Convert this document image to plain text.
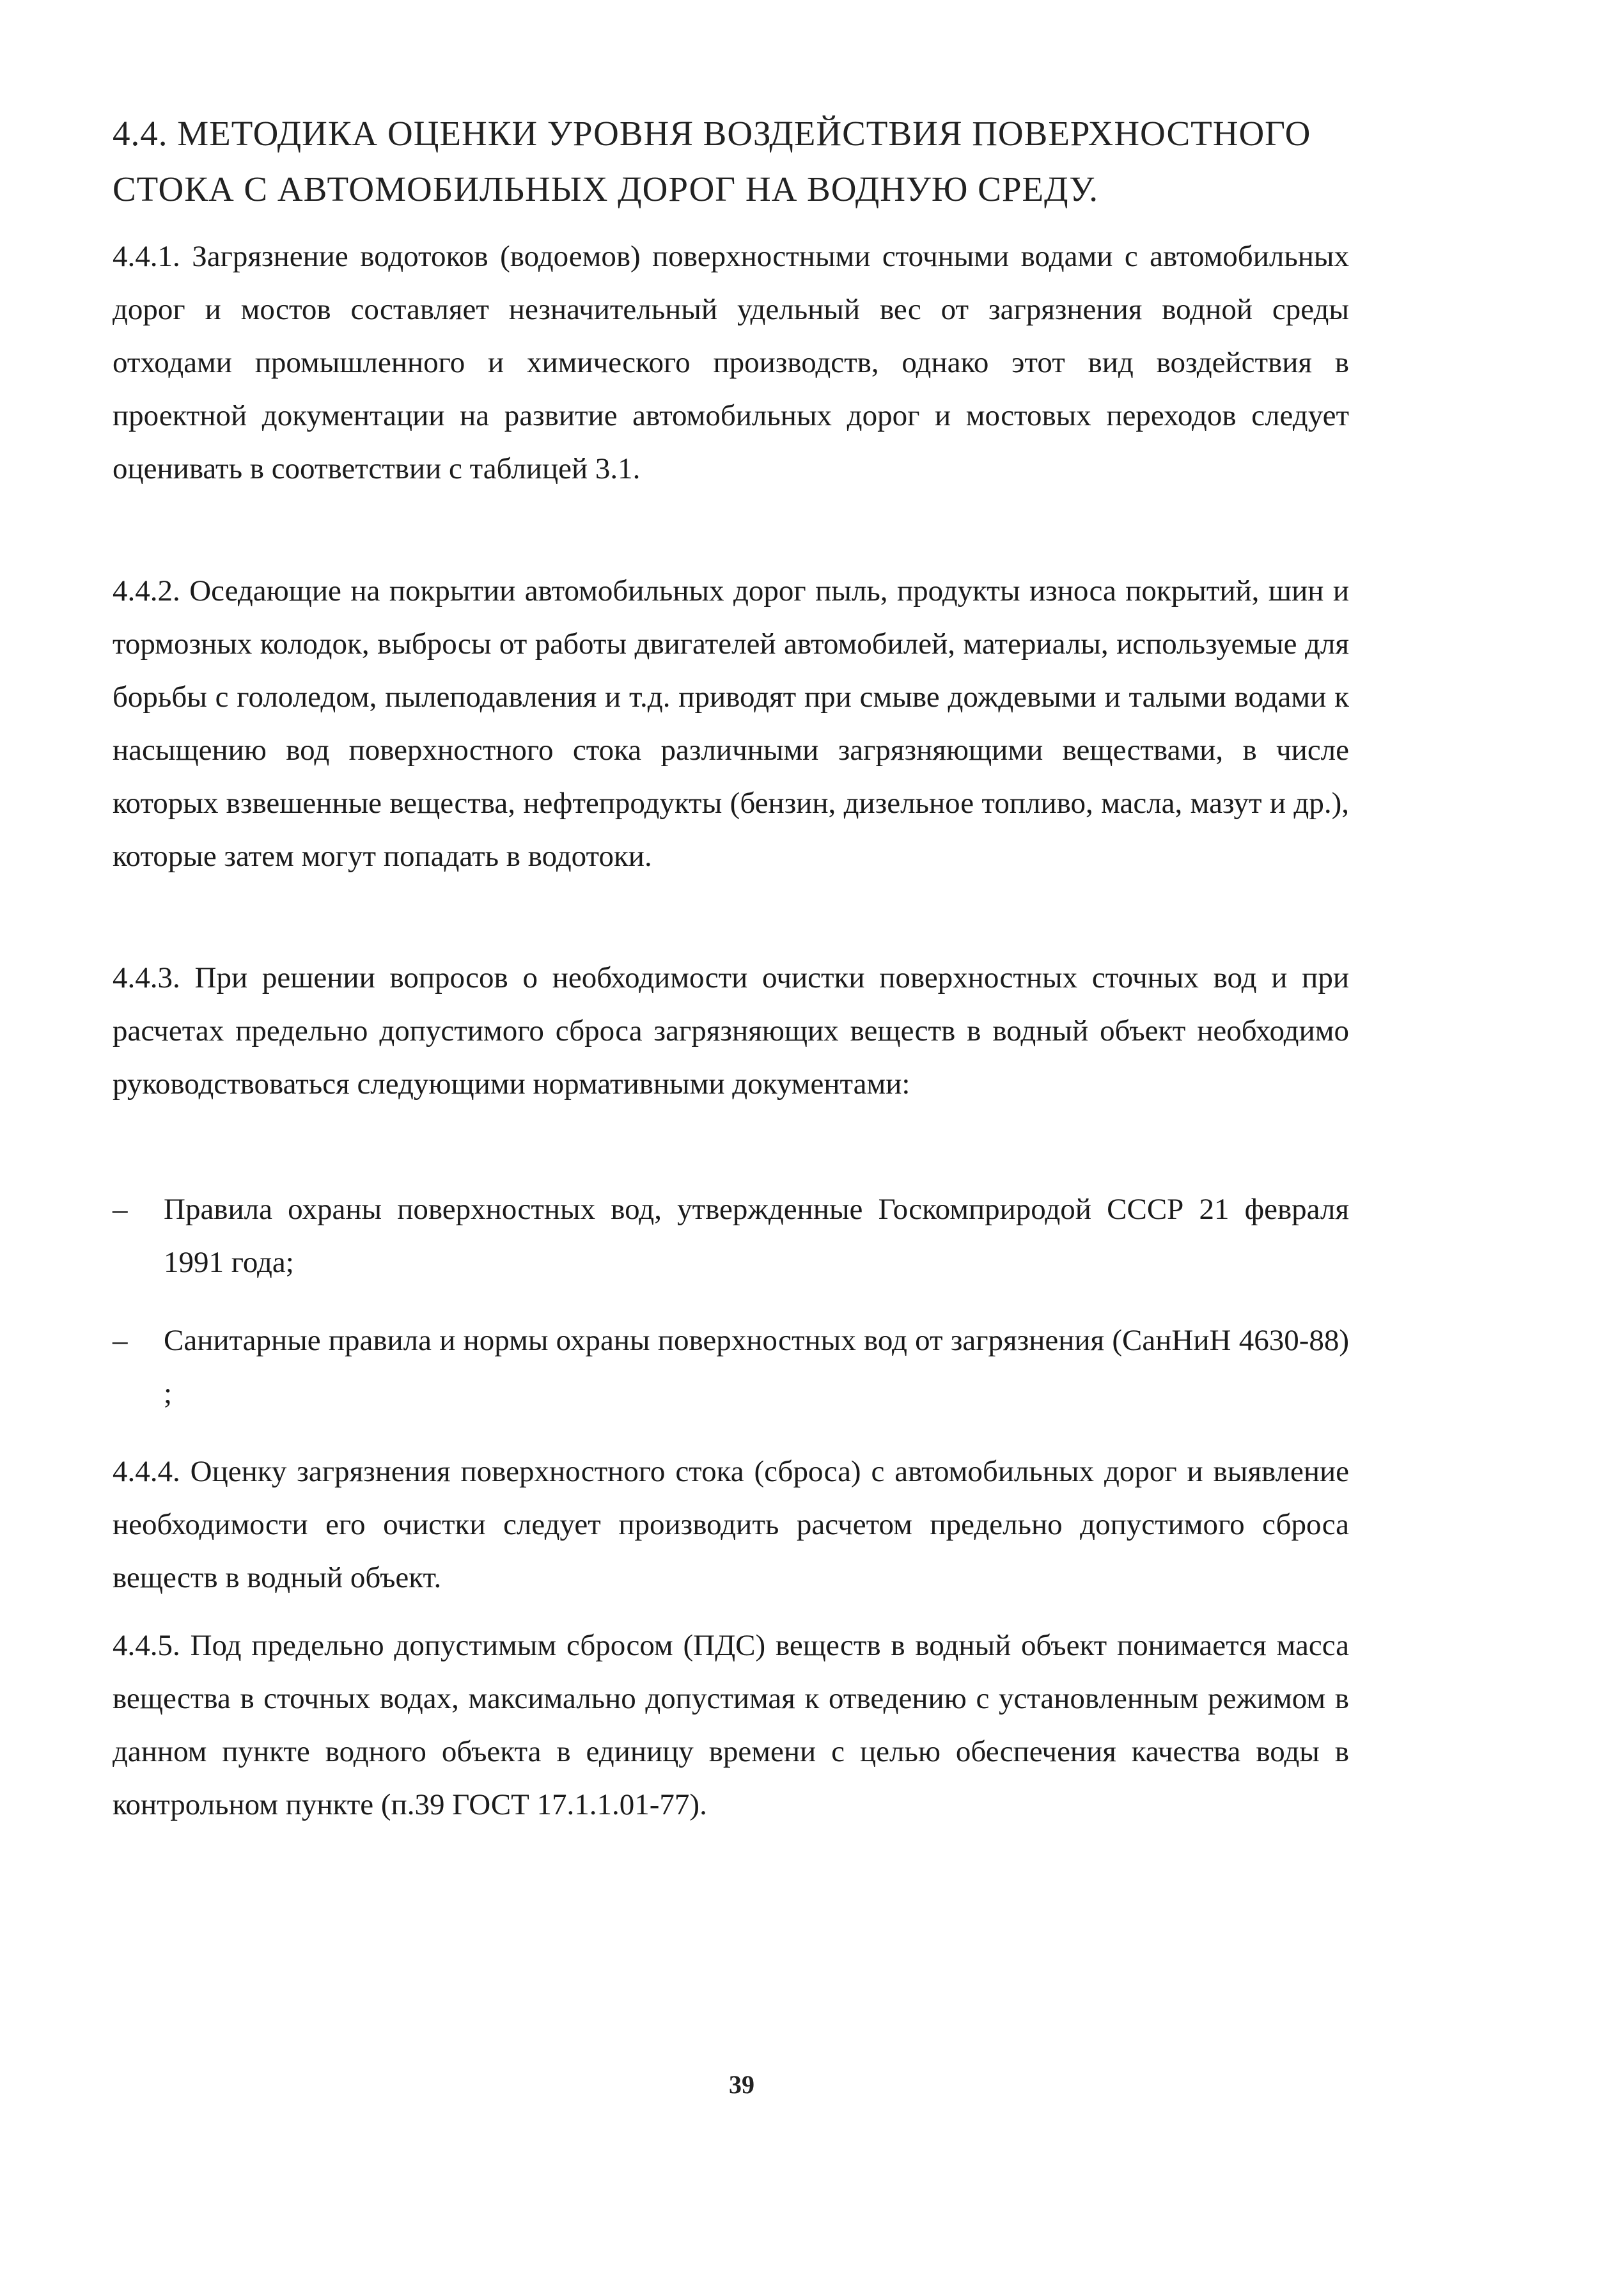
4.4. МЕТОДИКА ОЦЕНКИ УРОВНЯ ВОЗДЕЙСТВИЯ ПОВЕРХНОСТНОГО СТОКА С АВТОМОБИЛЬНЫХ ДОРОГ НА ВОДНУЮ СРЕДУ.
4.4.1. Загрязнение водотоков (водоемов) поверхностными сточными водами с автомобильных дорог и мостов составляет незначительный удельный вес от загрязнения водной среды отходами промышленного и химического производств, однако этот вид воздействия в проектной документации на развитие автомобильных дорог и мостовых переходов следует оценивать в соответствии с таблицей 3.1.
4.4.2. Оседающие на покрытии автомобильных дорог пыль, продукты износа покрытий, шин и тормозных колодок, выбросы от работы двигателей автомобилей, материалы, используемые для борьбы с гололедом, пылеподавления и т.д. приводят при смыве дождевыми и талыми водами к насыщению вод поверхностного стока различными загрязняющими веществами, в числе которых взвешенные вещества, нефтепродукты (бензин, дизельное топливо, масла, мазут и др.), которые затем могут попадать в водотоки.
4.4.3. При решении вопросов о необходимости очистки поверхностных сточных вод и при расчетах предельно допустимого сброса загрязняющих веществ в водный объект необходимо руководствоваться следующими нормативными документами:
–	Правила охраны поверхностных вод, утвержденные Госкомприродой СССР 21 февраля 1991 года;
–	Санитарные правила и нормы охраны поверхностных вод от загрязнения (СанНиН 4630-88) ;
4.4.4. Оценку загрязнения поверхностного стока (сброса) с автомобильных дорог и выявление необходимости его очистки следует производить расчетом предельно допустимого сброса веществ в водный объект.
4.4.5. Под предельно допустимым сбросом (ПДС) веществ в водный объект понимается масса вещества в сточных водах, максимально допустимая к отведению с установленным режимом в данном пункте водного объекта в единицу времени с целью обеспечения качества воды в контрольном пункте (п.39 ГОСТ 17.1.1.01-77).
39
